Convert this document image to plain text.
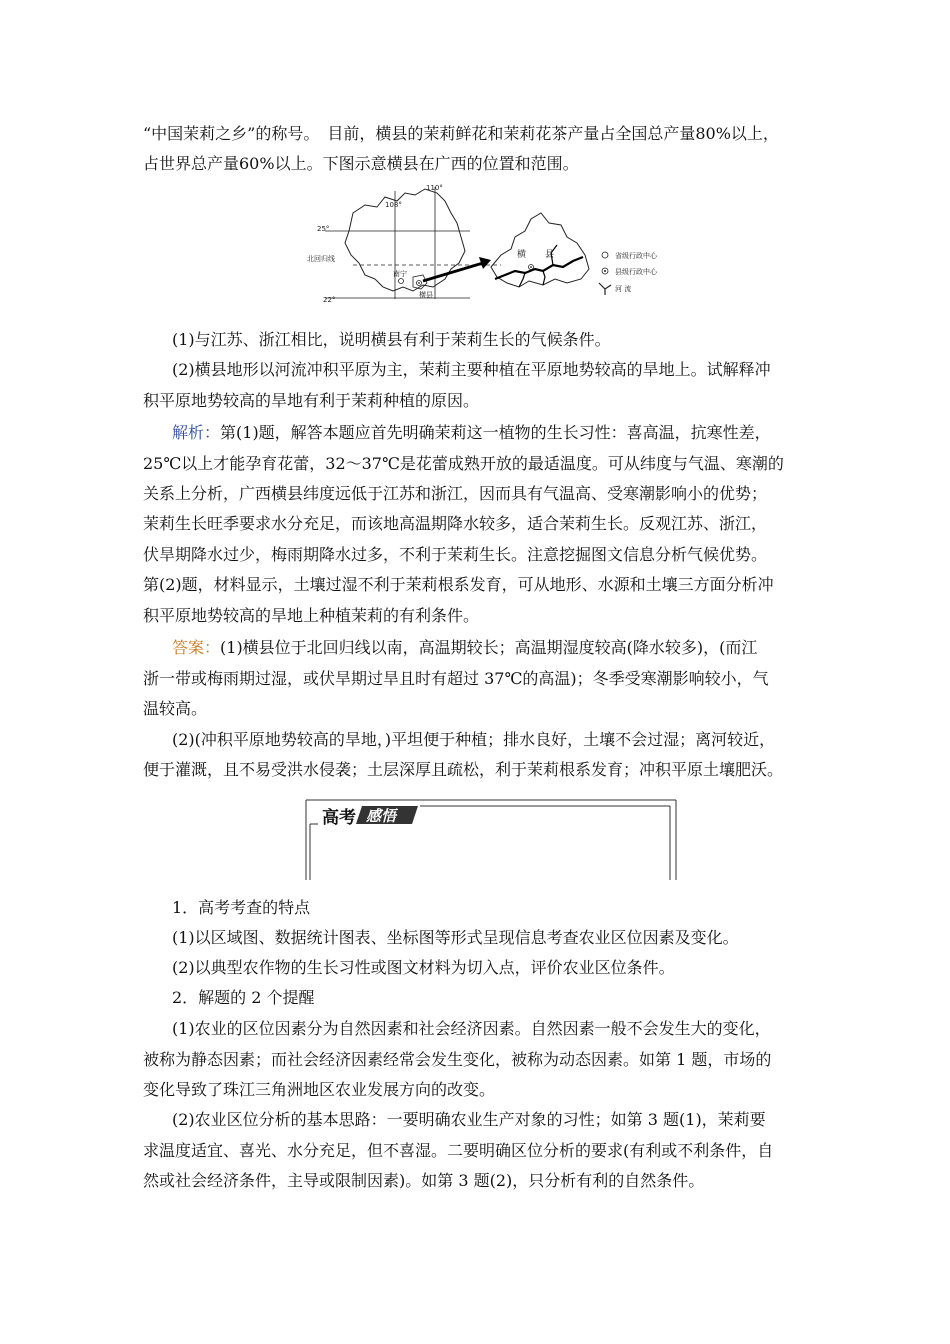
“中国茉莉之乡”的称号。　目前，横县的茉莉鲜花和茉莉花茶产量占全国总产量80%以上，

占世界总产量60%以上。下图示意横县在广西的位置和范围。

108°
110°
25°
22°
北回归线
南宁
横县
横 县	省级行政中心
县级行政中心
河 流

(1)与江苏、浙江相比，说明横县有利于茉莉生长的气候条件。

(2)横县地形以河流冲积平原为主，茉莉主要种植在平原地势较高的旱地上。试解释冲

积平原地势较高的旱地有利于茉莉种植的原因。

解析：第(1)题，解答本题应首先明确茉莉这一植物的生长习性：喜高温，抗寒性差，

25℃以上才能孕育花蕾，32～37℃是花蕾成熟开放的最适温度。可从纬度与气温、寒潮的

关系上分析，广西横县纬度远低于江苏和浙江，因而具有气温高、受寒潮影响小的优势；

茉莉生长旺季要求水分充足，而该地高温期降水较多，适合茉莉生长。反观江苏、浙江，

伏旱期降水过少，梅雨期降水过多，不利于茉莉生长。注意挖掘图文信息分析气候优势。

第(2)题，材料显示，土壤过湿不利于茉莉根系发育，可从地形、水源和土壤三方面分析冲

积平原地势较高的旱地上种植茉莉的有利条件。

答案：(1)横县位于北回归线以南，高温期较长；高温期湿度较高(降水较多)，(而江

浙一带或梅雨期过湿，或伏旱期过旱且时有超过 37℃的高温)；冬季受寒潮影响较小，气

温较高。

(2)(冲积平原地势较高的旱地，)平坦便于种植；排水良好，土壤不会过湿；离河较近，

便于灌溉，且不易受洪水侵袭；土层深厚且疏松，利于茉莉根系发育；冲积平原土壤肥沃。

高考 感悟

1．高考考查的特点

(1)以区域图、数据统计图表、坐标图等形式呈现信息考查农业区位因素及变化。

(2)以典型农作物的生长习性或图文材料为切入点，评价农业区位条件。

2．解题的 2 个提醒

(1)农业的区位因素分为自然因素和社会经济因素。自然因素一般不会发生大的变化，

被称为静态因素；而社会经济因素经常会发生变化，被称为动态因素。如第 1 题，市场的

变化导致了珠江三角洲地区农业发展方向的改变。

(2)农业区位分析的基本思路：一要明确农业生产对象的习性；如第 3 题(1)，茉莉要

求温度适宜、喜光、水分充足，但不喜湿。二要明确区位分析的要求(有利或不利条件，自

然或社会经济条件，主导或限制因素)。如第 3 题(2)，只分析有利的自然条件。
